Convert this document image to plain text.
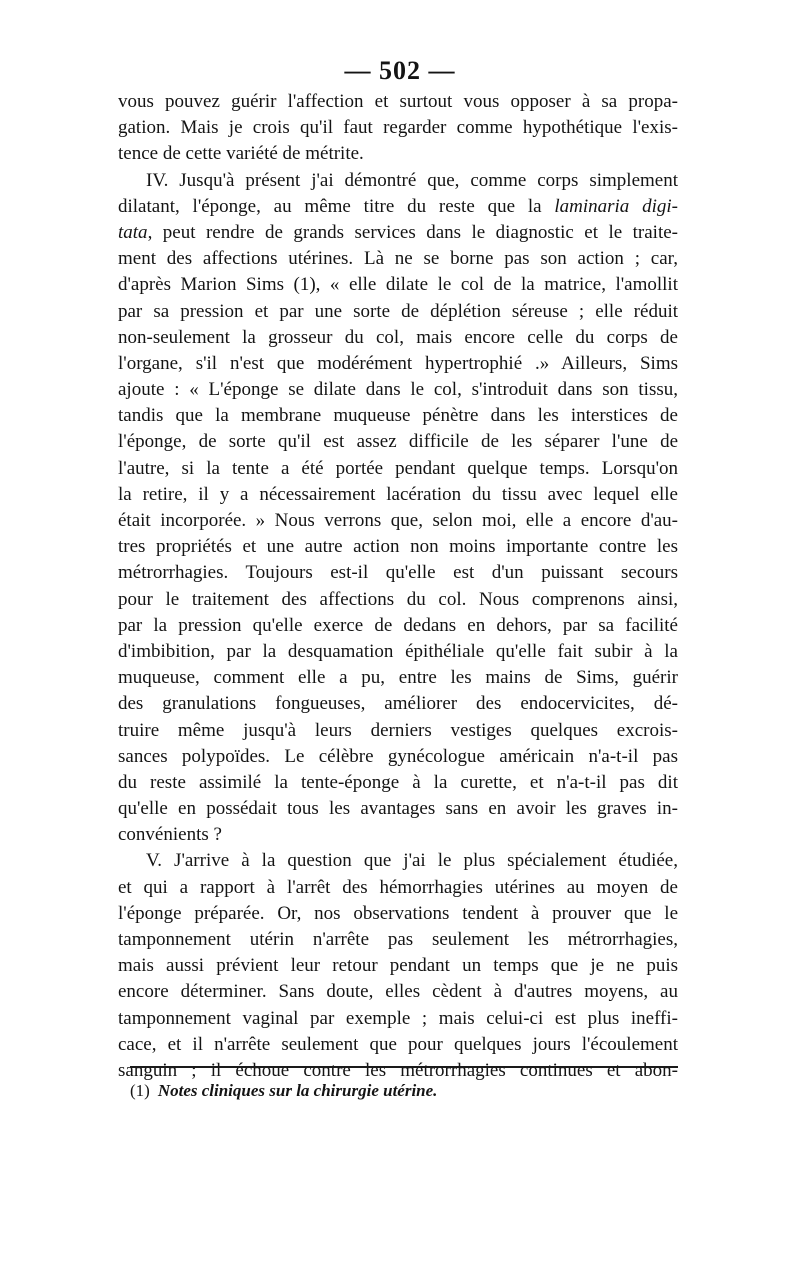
— 502 —
vous pouvez guérir l'affection et surtout vous opposer à sa propa-
gation. Mais je crois qu'il faut regarder comme hypothétique l'exis-
tence de cette variété de métrite.
IV. Jusqu'à présent j'ai démontré que, comme corps simplement
dilatant, l'éponge, au même titre du reste que la laminaria digi-
tata, peut rendre de grands services dans le diagnostic et le traite-
ment des affections utérines. Là ne se borne pas son action ; car,
d'après Marion Sims (1), « elle dilate le col de la matrice, l'amollit
par sa pression et par une sorte de déplétion séreuse ; elle réduit
non-seulement la grosseur du col, mais encore celle du corps de
l'organe, s'il n'est que modérément hypertrophié .» Ailleurs, Sims
ajoute : « L'éponge se dilate dans le col, s'introduit dans son tissu,
tandis que la membrane muqueuse pénètre dans les interstices de
l'éponge, de sorte qu'il est assez difficile de les séparer l'une de
l'autre, si la tente a été portée pendant quelque temps. Lorsqu'on
la retire, il y a nécessairement lacération du tissu avec lequel elle
était incorporée. » Nous verrons que, selon moi, elle a encore d'au-
tres propriétés et une autre action non moins importante contre les
métrorrhagies. Toujours est-il qu'elle est d'un puissant secours
pour le traitement des affections du col. Nous comprenons ainsi,
par la pression qu'elle exerce de dedans en dehors, par sa facilité
d'imbibition, par la desquamation épithéliale qu'elle fait subir à la
muqueuse, comment elle a pu, entre les mains de Sims, guérir
des granulations fongueuses, améliorer des endocervicites, dé-
truire même jusqu'à leurs derniers vestiges quelques excrois-
sances polypoïdes. Le célèbre gynécologue américain n'a-t-il pas
du reste assimilé la tente-éponge à la curette, et n'a-t-il pas dit
qu'elle en possédait tous les avantages sans en avoir les graves in-
convénients ?
V. J'arrive à la question que j'ai le plus spécialement étudiée,
et qui a rapport à l'arrêt des hémorrhagies utérines au moyen de
l'éponge préparée. Or, nos observations tendent à prouver que le
tamponnement utérin n'arrête pas seulement les métrorrhagies,
mais aussi prévient leur retour pendant un temps que je ne puis
encore déterminer. Sans doute, elles cèdent à d'autres moyens, au
tamponnement vaginal par exemple ; mais celui-ci est plus ineffi-
cace, et il n'arrête seulement que pour quelques jours l'écoulement
sanguin ; il échoue contre les métrorrhagies continues et abon-
(1) Notes cliniques sur la chirurgie utérine.
